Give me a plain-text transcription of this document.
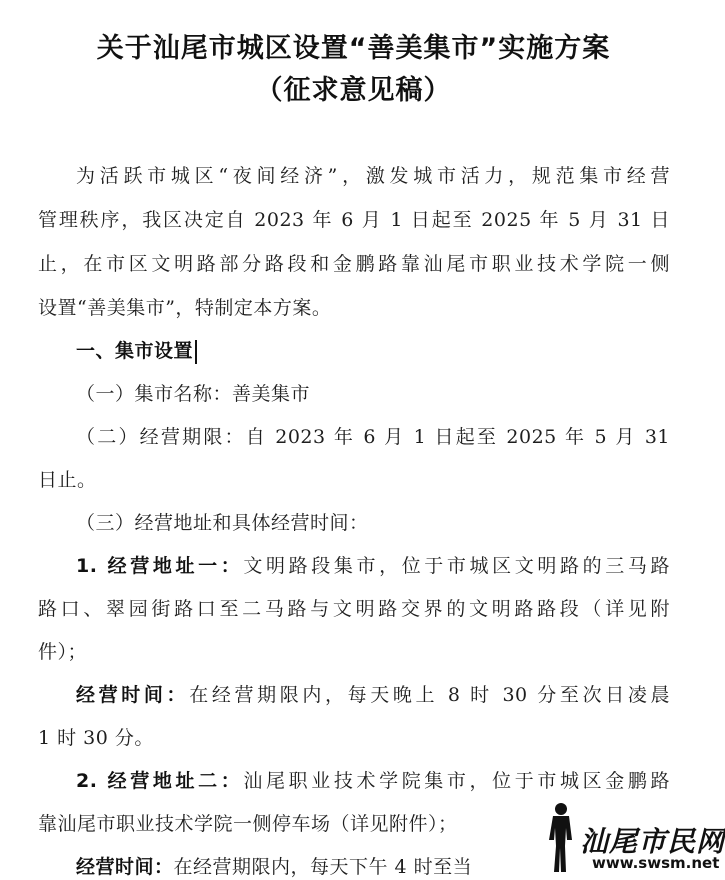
关于汕尾市城区设置“善美集市”实施方案
（征求意见稿）
为活跃市城区“夜间经济”，激发城市活力，规范集市经营
管理秩序，我区决定自 2023 年 6 月 1 日起至 2025 年 5 月 31 日
止，在市区文明路部分路段和金鹏路靠汕尾市职业技术学院一侧
设置“善美集市”，特制定本方案。
一、集市设置
（一）集市名称：善美集市
（二）经营期限：自 2023 年 6 月 1 日起至 2025 年 5 月 31
日止。
（三）经营地址和具体经营时间：
1. 经营地址一：文明路段集市，位于市城区文明路的三马路
路口、翠园街路口至二马路与文明路交界的文明路路段（详见附
件）；
经营时间：在经营期限内，每天晚上 8 时 30 分至次日凌晨
1 时 30 分。
2. 经营地址二：汕尾职业技术学院集市，位于市城区金鹏路
靠汕尾市职业技术学院一侧停车场（详见附件）；
经营时间：在经营期限内，每天下午 4 时至当
汕尾市民网
www.swsm.net
